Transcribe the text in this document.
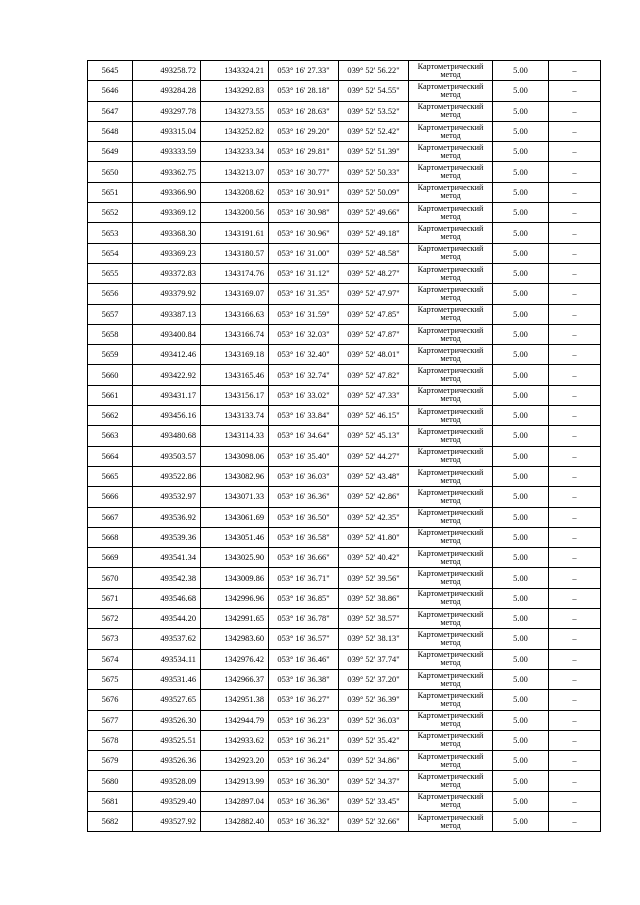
5645	493258.72	1343324.21	053° 16' 27.33"	039° 52' 56.22"	Картометрический метод	5.00	–
5646	493284.28	1343292.83	053° 16' 28.18"	039° 52' 54.55"	Картометрический метод	5.00	–
5647	493297.78	1343273.55	053° 16' 28.63"	039° 52' 53.52"	Картометрический метод	5.00	–
5648	493315.04	1343252.82	053° 16' 29.20"	039° 52' 52.42"	Картометрический метод	5.00	–
5649	493333.59	1343233.34	053° 16' 29.81"	039° 52' 51.39"	Картометрический метод	5.00	–
5650	493362.75	1343213.07	053° 16' 30.77"	039° 52' 50.33"	Картометрический метод	5.00	–
5651	493366.90	1343208.62	053° 16' 30.91"	039° 52' 50.09"	Картометрический метод	5.00	–
5652	493369.12	1343200.56	053° 16' 30.98"	039° 52' 49.66"	Картометрический метод	5.00	–
5653	493368.30	1343191.61	053° 16' 30.96"	039° 52' 49.18"	Картометрический метод	5.00	–
5654	493369.23	1343180.57	053° 16' 31.00"	039° 52' 48.58"	Картометрический метод	5.00	–
5655	493372.83	1343174.76	053° 16' 31.12"	039° 52' 48.27"	Картометрический метод	5.00	–
5656	493379.92	1343169.07	053° 16' 31.35"	039° 52' 47.97"	Картометрический метод	5.00	–
5657	493387.13	1343166.63	053° 16' 31.59"	039° 52' 47.85"	Картометрический метод	5.00	–
5658	493400.84	1343166.74	053° 16' 32.03"	039° 52' 47.87"	Картометрический метод	5.00	–
5659	493412.46	1343169.18	053° 16' 32.40"	039° 52' 48.01"	Картометрический метод	5.00	–
5660	493422.92	1343165.46	053° 16' 32.74"	039° 52' 47.82"	Картометрический метод	5.00	–
5661	493431.17	1343156.17	053° 16' 33.02"	039° 52' 47.33"	Картометрический метод	5.00	–
5662	493456.16	1343133.74	053° 16' 33.84"	039° 52' 46.15"	Картометрический метод	5.00	–
5663	493480.68	1343114.33	053° 16' 34.64"	039° 52' 45.13"	Картометрический метод	5.00	–
5664	493503.57	1343098.06	053° 16' 35.40"	039° 52' 44.27"	Картометрический метод	5.00	–
5665	493522.86	1343082.96	053° 16' 36.03"	039° 52' 43.48"	Картометрический метод	5.00	–
5666	493532.97	1343071.33	053° 16' 36.36"	039° 52' 42.86"	Картометрический метод	5.00	–
5667	493536.92	1343061.69	053° 16' 36.50"	039° 52' 42.35"	Картометрический метод	5.00	–
5668	493539.36	1343051.46	053° 16' 36.58"	039° 52' 41.80"	Картометрический метод	5.00	–
5669	493541.34	1343025.90	053° 16' 36.66"	039° 52' 40.42"	Картометрический метод	5.00	–
5670	493542.38	1343009.86	053° 16' 36.71"	039° 52' 39.56"	Картометрический метод	5.00	–
5671	493546.68	1342996.96	053° 16' 36.85"	039° 52' 38.86"	Картометрический метод	5.00	–
5672	493544.20	1342991.65	053° 16' 36.78"	039° 52' 38.57"	Картометрический метод	5.00	–
5673	493537.62	1342983.60	053° 16' 36.57"	039° 52' 38.13"	Картометрический метод	5.00	–
5674	493534.11	1342976.42	053° 16' 36.46"	039° 52' 37.74"	Картометрический метод	5.00	–
5675	493531.46	1342966.37	053° 16' 36.38"	039° 52' 37.20"	Картометрический метод	5.00	–
5676	493527.65	1342951.38	053° 16' 36.27"	039° 52' 36.39"	Картометрический метод	5.00	–
5677	493526.30	1342944.79	053° 16' 36.23"	039° 52' 36.03"	Картометрический метод	5.00	–
5678	493525.51	1342933.62	053° 16' 36.21"	039° 52' 35.42"	Картометрический метод	5.00	–
5679	493526.36	1342923.20	053° 16' 36.24"	039° 52' 34.86"	Картометрический метод	5.00	–
5680	493528.09	1342913.99	053° 16' 36.30"	039° 52' 34.37"	Картометрический метод	5.00	–
5681	493529.40	1342897.04	053° 16' 36.36"	039° 52' 33.45"	Картометрический метод	5.00	–
5682	493527.92	1342882.40	053° 16' 36.32"	039° 52' 32.66"	Картометрический метод	5.00	–
